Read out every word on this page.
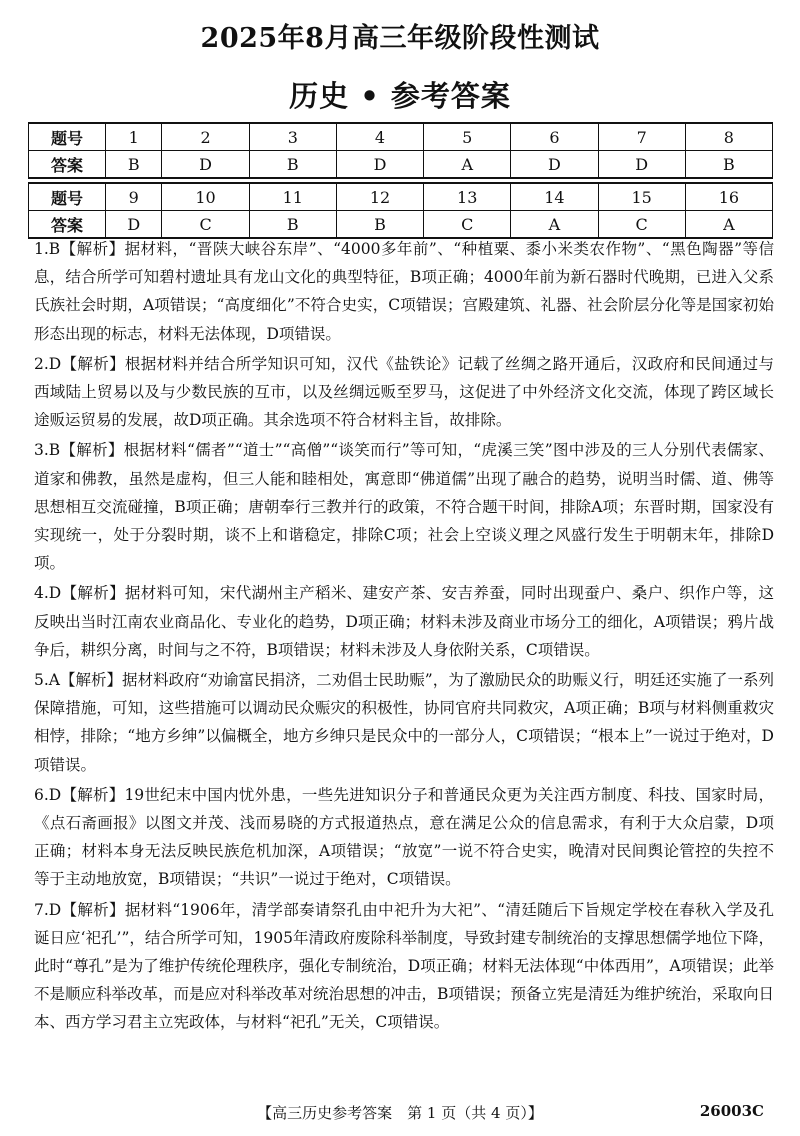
2025年8月高三年级阶段性测试
历史 • 参考答案
题号	1	2	3	4	5	6	7	8
答案	B	D	B	D	A	D	D	B

题号	9	10	11	12	13	14	15	16
答案	D	C	B	B	C	A	C	A

1.B【解析】据材料，“晋陕大峡谷东岸”、“4000多年前”、“种植粟、黍小米类农作物”、“黑色陶器”等信息，结合所学可知碧村遗址具有龙山文化的典型特征，B项正确；4000年前为新石器时代晚期，已进入父系氏族社会时期，A项错误；“高度细化”不符合史实，C项错误；宫殿建筑、礼器、社会阶层分化等是国家初始形态出现的标志，材料无法体现，D项错误。

2.D【解析】根据材料并结合所学知识可知，汉代《盐铁论》记载了丝绸之路开通后，汉政府和民间通过与西域陆上贸易以及与少数民族的互市，以及丝绸远贩至罗马，这促进了中外经济文化交流，体现了跨区域长途贩运贸易的发展，故D项正确。其余选项不符合材料主旨，故排除。

3.B【解析】根据材料“儒者”“道士”“高僧”“谈笑而行”等可知，“虎溪三笑”图中涉及的三人分别代表儒家、道家和佛教，虽然是虚构，但三人能和睦相处，寓意即“佛道儒”出现了融合的趋势，说明当时儒、道、佛等思想相互交流碰撞，B项正确；唐朝奉行三教并行的政策，不符合题干时间，排除A项；东晋时期，国家没有实现统一，处于分裂时期，谈不上和谐稳定，排除C项；社会上空谈义理之风盛行发生于明朝末年，排除D项。

4.D【解析】据材料可知，宋代湖州主产稻米、建安产茶、安吉养蚕，同时出现蚕户、桑户、织作户等，这反映出当时江南农业商品化、专业化的趋势，D项正确；材料未涉及商业市场分工的细化，A项错误；鸦片战争后，耕织分离，时间与之不符，B项错误；材料未涉及人身依附关系，C项错误。

5.A【解析】据材料政府“劝谕富民捐济，二劝倡士民助赈”，为了激励民众的助赈义行，明廷还实施了一系列保障措施，可知，这些措施可以调动民众赈灾的积极性，协同官府共同救灾，A项正确；B项与材料侧重救灾相悖，排除；“地方乡绅”以偏概全，地方乡绅只是民众中的一部分人，C项错误；“根本上”一说过于绝对，D项错误。

6.D【解析】19世纪末中国内忧外患，一些先进知识分子和普通民众更为关注西方制度、科技、国家时局，《点石斋画报》以图文并茂、浅而易晓的方式报道热点，意在满足公众的信息需求，有利于大众启蒙，D项正确；材料本身无法反映民族危机加深，A项错误；“放宽”一说不符合史实，晚清对民间舆论管控的失控不等于主动地放宽，B项错误；“共识”一说过于绝对，C项错误。

7.D【解析】据材料“1906年，清学部奏请祭孔由中祀升为大祀”、“清廷随后下旨规定学校在春秋入学及孔诞日应‘祀孔’”，结合所学可知，1905年清政府废除科举制度，导致封建专制统治的支撑思想儒学地位下降，此时“尊孔”是为了维护传统伦理秩序，强化专制统治，D项正确；材料无法体现“中体西用”，A项错误；此举不是顺应科举改革，而是应对科举改革对统治思想的冲击，B项错误；预备立宪是清廷为维护统治，采取向日本、西方学习君主立宪政体，与材料“祀孔”无关，C项错误。

【高三历史参考答案　第 1 页（共 4 页）】	26003C
